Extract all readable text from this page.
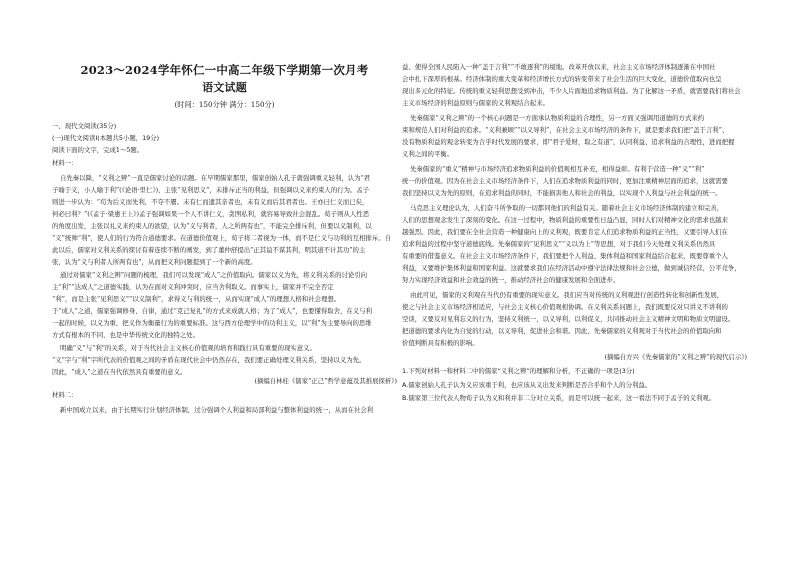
2023～2024学年怀仁一中高二年级下学期第一次月考
语文试题
(时间：150分钟 满分：150分)
一、现代文阅读(35分)
(一)现代文阅读Ⅰ(本题共5小题，19分)
阅读下面的文字，完成1～5题。
材料一：
自先秦以降，“义利之辨”一直是儒家讨论的话题。在早期儒家那里，儒家创始人孔子就强调重义轻利，认为“君
子喻于义，小人喻于利”(《论语·里仁》)，主张“见利思义”，未排斥正当的利益，但强调以义来约束人的行为。孟子
则进一步认为：“苟为后义而先利，不夺不餍。未有仁而遗其亲者也，未有义而后其君者也。王亦曰仁义而已矣，
何必曰利？”(《孟子·梁惠王上》)孟子强调如果一个人不讲仁义，贪图私利，就容易导致社会混乱。荀子则从人性恶
的角度出发，主张以礼义来约束人的欲望，认为“义与利者，人之所两有也”，不能完全排斥利，但要以义制利，以
“义”统帅“利”，使人们的行为符合道德要求。在道德价值观上，荀子将二者视为一体，而不是仁义与功利的互相排斥。自
此以后，儒家对义利关系的探讨有着连续不断的阐发，到了董仲舒提出“正其谊不谋其利，明其道不计其功”的主
张，认为“义与利者人所两有也”，从而把义利问题提到了一个新的高度。
通过对儒家“义利之辨”问题的梳理，我们可以发现“成人”之价值取向。儒家以义为先，将义利关系的讨论引向
主“利”“达成人”之道德实践，认为在面对义利冲突时，应当舍利取义。而事实上，儒家并不完全否定
“利”，而是主张“见利思义”“以义制利”，求得义与利的统一，从而实现“成人”的理想人格和社会理想。
于“成人”之道，儒家强调修身、自律，通过“克己复礼”的方式来成就人格；为了“成人”，也要懂得取舍，在义与利
一起的时候，以义为重，把义作为衡量行为的重要标准。这与西方伦理学中的功利主义，以“利”为主要导向的思维
方式有根本的不同，也是中华传统文化的独特之处。
明确“义”与“利”的关系，对于当代社会主义核心价值观的培育和践行具有重要的现实意义。
“义”字与“利”字所代表的价值观之间的矛盾在现代社会中仍然存在，我们要正确处理义利关系，坚持以义为先。
因此，“成人”之道在当代依然具有重要的意义。
(摘编自林桂《儒家“正己”哲学意蕴及其推展探析》)
材料二：
新中国成立以来，由于长期实行计划经济体制，过分强调个人利益和局部利益与整体利益的统一，从而在社会利
益、使得全国人民陷入一种“盖于言利”“不敢逐利”的境地。改革开放以来，社会主义市场经济体制逐渐在中国社
会中扎下深厚的根基。经济体制的重大变革和经济增长方式的转变带来了社会生活的巨大变化，道德价值取向也呈
现出多元化的特征。传统的重义轻利思想受到冲击，不少人片面地追求物质利益。为了化解这一矛盾，就需要我们将社会
主义市场经济的利益原则与儒家的义利观结合起来。
先秦儒家“义利之辨”的一个核心问题是一方面承认物质利益的合理性，另一方面又强调用道德的方式来约
束和规范人们对利益的追求。“义利兼顾”“以义导利”，在社会主义市场经济的条件下，就是要求我们把“盖于言利”、
没有物质利益的观念转变为合乎时代发展的要求，即“君子爱财，取之有道”，认同利益、追求利益的合理性，进而把握
义利之间的平衡。
先秦儒家的“重义”精神与市场经济追求物质利益的价值观相互补充，相得益彰。有利于营造一种“义”“利”
统一的价值观。因为在社会主义市场经济条件下，人们在追求物质利益的同时，更加注重精神层面的追求，这就需要
我们坚持以义为先的原则，在追求利益的同时，不能损害他人和社会的利益，以实现个人利益与社会利益的统一。
马克思主义理论认为，人们奋斗所争取的一切都同他们的利益有关。随着社会主义市场经济体制的建立和完善，
人们的思想观念发生了深刻的变化。在这一过程中，物质利益的重要性日益凸显，同时人们对精神文化的需求也越来
越强烈。因此，我们要在全社会营造一种健康向上的义利观，既要肯定人们追求物质利益的正当性，又要引导人们在
追求利益的过程中坚守道德底线。先秦儒家的“见利思义”“义以为上”等思想，对于我们今天处理义利关系仍然具
有重要的借鉴意义。在社会主义市场经济条件下，我们要把个人利益、集体利益和国家利益结合起来，既要尊重个人
利益，又要维护集体利益和国家利益。这就要求我们在经济活动中遵守法律法规和社会公德，做到诚信经营、公平竞争，
努力实现经济效益和社会效益的统一，推动经济社会的健康发展和全面进步。
由此可见，儒家的义利观在当代仍有重要的现实意义。我们应当对传统的义利观进行创造性转化和创新性发展，
使之与社会主义市场经济相适应，与社会主义核心价值观相协调。在义利关系问题上，我们既要反对只讲义不讲利的
空谈，又要反对见利忘义的行为，坚持义利统一，以义导利，以利促义，共同推动社会主义精神文明和物质文明建设。
把道德的要求内化为自觉的行动，以义导利，促进社会和谐。因此，先秦儒家的义利观对于当代社会的价值取向和
价值判断具有积极的影响。
(摘编自方兴《先秦儒家的“义利之辨”的现代启示》)
1.下列对材料一和材料二中的儒家“义利之辨”的理解和分析，不正确的一项是(3分)
A.儒家创始人孔子认为义应该重于利，也应该从义出发来判断是否合乎和个人的分利益。
B.儒家第三位代表人物荀子认为义和利并非二分对立关系，而是可以统一起来，这一看法不同于孟子的义利观。
